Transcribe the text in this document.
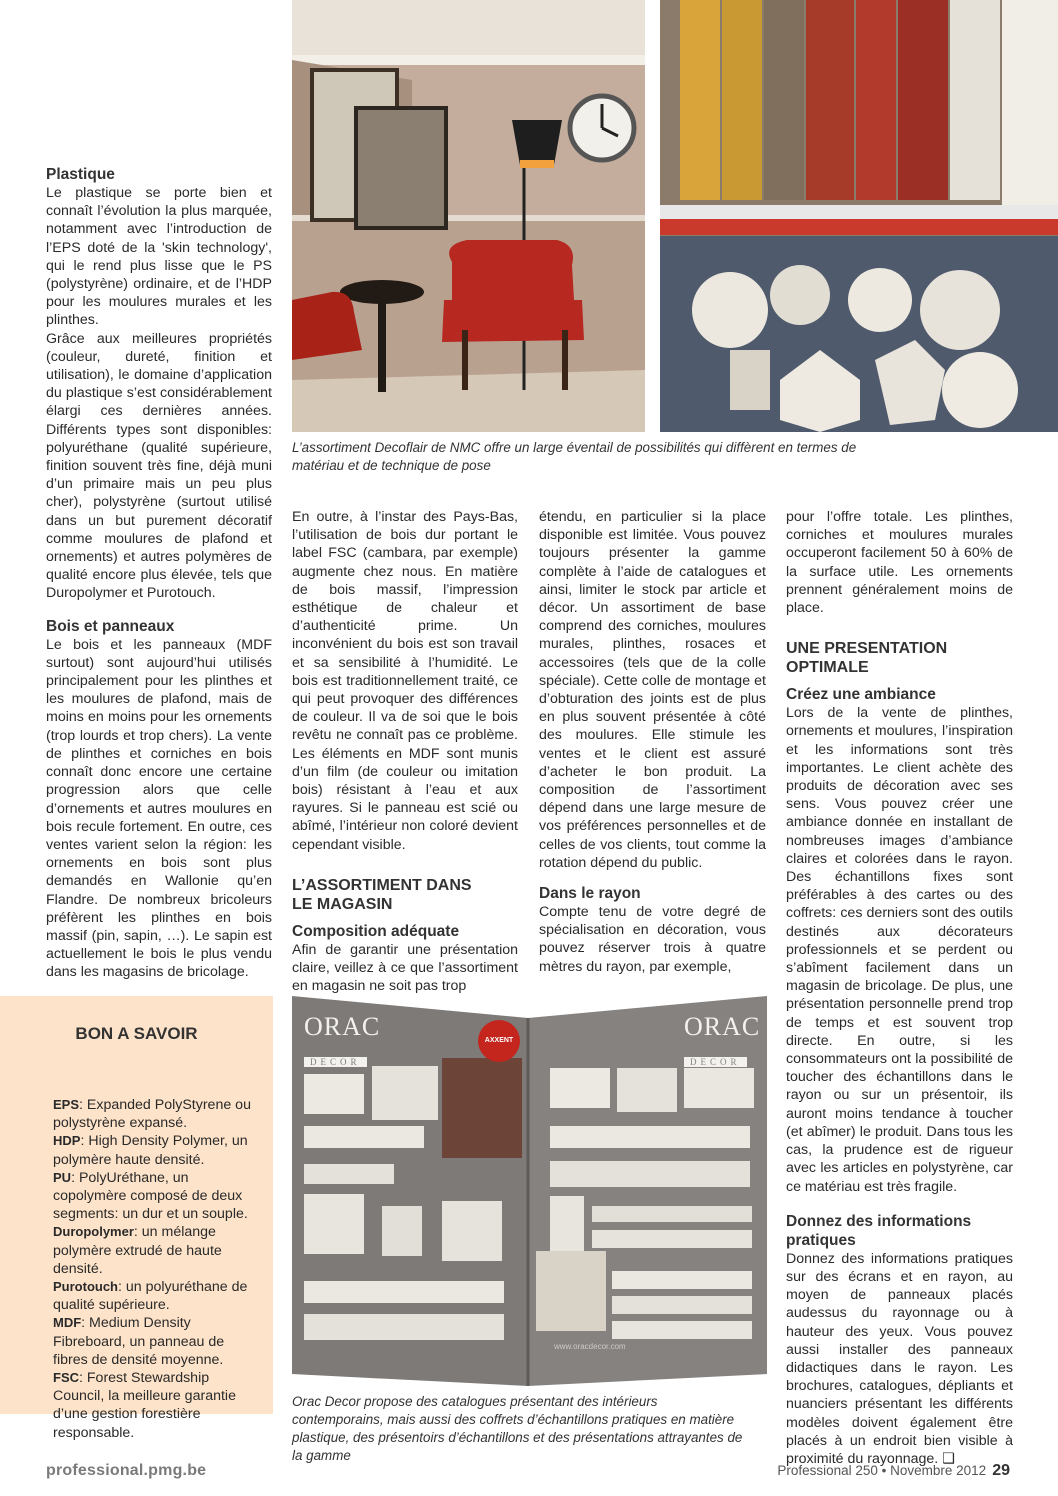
Plastique

Le plastique se porte bien et connaît l’évolution la plus marquée, notamment avec l’introduction de l’EPS doté de la 'skin technology', qui le rend plus lisse que le PS (polystyrène) ordinaire, et de l’HDP pour les moulures murales et les plinthes.

Grâce aux meilleures propriétés (couleur, dureté, finition et utilisation), le domaine d’application du plastique s’est considérablement élargi ces dernières années. Différents types sont disponibles: polyuréthane (qualité supérieure, finition souvent très fine, déjà muni d’un primaire mais un peu plus cher), polystyrène (surtout utilisé dans un but purement décoratif comme moulures de plafond et ornements) et autres polymères de qualité encore plus élevée, tels que Duropolymer et Purotouch.

Bois et panneaux

Le bois et les panneaux (MDF surtout) sont aujourd’hui utilisés principalement pour les plinthes et les moulures de plafond, mais de moins en moins pour les ornements (trop lourds et trop chers). La vente de plinthes et corniches en bois connaît donc encore une certaine progression alors que celle d’ornements et autres moulures en bois recule fortement. En outre, ces ventes varient selon la région: les ornements en bois sont plus demandés en Wallonie qu’en Flandre. De nombreux bricoleurs préfèrent les plinthes en bois massif (pin, sapin, …). Le sapin est actuellement le bois le plus vendu dans les magasins de bricolage.

BON A SAVOIR
EPS: Expanded PolyStyrene ou polystyrène expansé.
HDP: High Density Polymer, un polymère haute densité.
PU: PolyUréthane, un copolymère composé de deux segments: un dur et un souple.
Duropolymer: un mélange polymère extrudé de haute densité.
Purotouch: un polyuréthane de qualité supérieure.
MDF: Medium Density Fibreboard, un panneau de fibres de densité moyenne.
FSC: Forest Stewardship Council, la meilleure garantie d’une gestion forestière responsable.
L’assortiment Decoflair de NMC offre un large éventail de possibilités qui diffèrent en termes de matériau et de technique de pose

En outre, à l’instar des Pays-Bas, l’utilisation de bois dur portant le label FSC (cambara, par exemple) augmente chez nous. En matière de bois massif, l’impression esthétique de chaleur et d’authenticité prime. Un inconvénient du bois est son travail et sa sensibilité à l’humidité. Le bois est traditionnellement traité, ce qui peut provoquer des différences de couleur. Il va de soi que le bois revêtu ne connaît pas ce problème. Les éléments en MDF sont munis d’un film (de couleur ou imitation bois) résistant à l’eau et aux rayures. Si le panneau est scié ou abîmé, l’intérieur non coloré devient cependant visible.

L’ASSORTIMENT DANS LE MAGASIN

Composition adéquate

Afin de garantir une présentation claire, veillez à ce que l’assortiment en magasin ne soit pas trop

étendu, en particulier si la place disponible est limitée. Vous pouvez toujours présenter la gamme complète à l’aide de catalogues et ainsi, limiter le stock par article et décor. Un assortiment de base comprend des corniches, moulures murales, plinthes, rosaces et accessoires (tels que de la colle spéciale). Cette colle de montage et d’obturation des joints est de plus en plus souvent présentée à côté des moulures. Elle stimule les ventes et le client est assuré d’acheter le bon produit. La composition de l’assortiment dépend dans une large mesure de vos préférences personnelles et de celles de vos clients, tout comme la rotation dépend du public.

Dans le rayon

Compte tenu de votre degré de spécialisation en décoration, vous pouvez réserver trois à quatre mètres du rayon, par exemple,

pour l’offre totale. Les plinthes, corniches et moulures murales occuperont facilement 50 à 60% de la surface utile. Les ornements prennent généralement moins de place.

UNE PRESENTATION OPTIMALE

Créez une ambiance

Lors de la vente de plinthes, ornements et moulures, l’inspiration et les informations sont très importantes. Le client achète des produits de décoration avec ses sens. Vous pouvez créer une ambiance donnée en installant de nombreuses images d’ambiance claires et colorées dans le rayon. Des échantillons fixes sont préférables à des cartes ou des coffrets: ces derniers sont des outils destinés aux décorateurs professionnels et se perdent ou s’abîment facilement dans un magasin de bricolage. De plus, une présentation personnelle prend trop de temps et est souvent trop directe. En outre, si les consommateurs ont la possibilité de toucher des échantillons dans le rayon ou sur un présentoir, ils auront moins tendance à toucher (et abîmer) le produit. Dans tous les cas, la prudence est de rigueur avec les articles en polystyrène, car ce matériau est très fragile.

Donnez des informations pratiques

Donnez des informations pratiques sur des écrans et en rayon, au moyen de panneaux placés audessus du rayonnage ou à hauteur des yeux. Vous pouvez aussi installer des panneaux didactiques dans le rayon. Les brochures, catalogues, dépliants et nuanciers présentant les différents modèles doivent également être placés à un endroit bien visible à proximité du rayonnage. ❑

ORAC
DECOR
AXXENT	ORAC
DECOR
www.oracdecor.com
Orac Decor propose des catalogues présentant des intérieurs contemporains, mais aussi des coffrets d’échantillons pratiques en matière plastique, des présentoirs d’échantillons et des présentations attrayantes de la gamme
professional.pmg.be	Professional 250 • Novembre 2012 29
